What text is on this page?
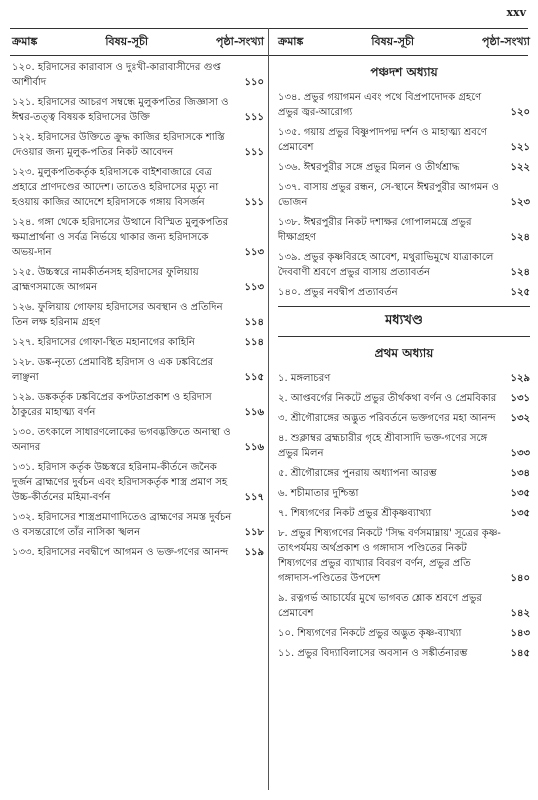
xxv
ক্রমাঙ্ক	বিষয়-সূচী	পৃষ্ঠা-সংখ্যা ক্রমাঙ্ক	বিষয়-সূচী	পৃষ্ঠা-সংখ্যা
১২০. হরিদাসের কারাবাস ও দুঃখী-কারাবাসীদের গুপ্ত আশীর্বাদ	১১০
১২১. হরিদাসের আচরণ সম্বন্ধে মুলুকপতির জিজ্ঞাসা ও ঈশ্বর-তত্ত্ব বিষয়ক হরিদাসের উক্তি	১১১
১২২. হরিদাসের উক্তিতে ক্রুদ্ধ কাজির হরিদাসকে শাস্তি দেওয়ার জন্য মুলুক-পতির নিকট আবেদন	১১১
১২৩. মুলুকপতিকর্তৃক হরিদাসকে বাইশবাজারে বেত্র প্রহারে প্রাণদণ্ডের আদেশ। তাতেও হরিদাসের মৃত্যু না হওয়ায় কাজির আদেশে হরিদাসকে গঙ্গায় বিসর্জন	১১১
১২৪. গঙ্গা থেকে হরিদাসের উত্থানে বিস্মিত মুলুকপতির ক্ষমাপ্রার্থনা ও সর্বত্র নির্ভয়ে থাকার জন্য হরিদাসকে অভয়-দান	১১৩
১২৫. উচ্চস্বরে নামকীর্তনসহ হরিদাসের ফুলিয়ায় ব্রাহ্মণসমাজে আগমন	১১৩
১২৬. ফুলিয়ায় গোফায় হরিদাসের অবস্থান ও প্রতিদিন তিন লক্ষ হরিনাম গ্রহণ	১১৪
১২৭. হরিদাসের গোফা-স্থিত মহানাগের কাহিনি	১১৪
১২৮. ডঙ্ক-নৃত্যে প্রেমাবিষ্ট হরিদাস ও এক ঢঙ্কবিপ্রের লাঞ্ছনা	১১৫
১২৯. ডঙ্ককর্তৃক ঢঙ্কবিপ্রের কপটতাপ্রকাশ ও হরিদাস ঠাকুরের মাহাত্ম্য বর্ণন	১১৬
১৩০. তৎকালে সাধারণলোকের ভগবদ্ভক্তিতে অনাস্থা ও অনাদর	১১৬
১৩১. হরিদাস কর্তৃক উচ্চস্বরে হরিনাম-কীর্তনে জনৈক দুর্জন ব্রাহ্মণের দুর্বচন এবং হরিদাসকর্তৃক শাস্ত্র প্রমাণ সহ উচ্চ-কীর্তনের মহিমা-বর্ণন	১১৭
১৩২. হরিদাসের শাস্ত্রপ্রমাণাদিতেও ব্রাহ্মণের সমস্ত দুর্বচন ও বসন্তরোগে তাঁর নাসিকা স্খলন	১১৮
১৩৩. হরিদাসের নবদ্বীপে আগমন ও ভক্ত-গণের আনন্দ	১১৯
পঞ্চদশ অধ্যায়
১৩৪. প্রভুর গয়াগমন এবং পথে বিপ্রপাদোদক গ্রহণে প্রভুর জ্বর-আরোগ্য	১২০
১৩৫. গয়ায় প্রভুর বিষ্ণুপাদপদ্ম দর্শন ও মাহাত্ম্য শ্রবণে প্রেমাবেশ	১২১
১৩৬. ঈশ্বরপুরীর সঙ্গে প্রভুর মিলন ও তীর্থশ্রাদ্ধ	১২২
১৩৭. বাসায় প্রভুর রন্ধন, সে-স্থানে ঈশ্বরপুরীর আগমন ও ভোজন	১২৩
১৩৮. ঈশ্বরপুরীর নিকট দশাক্ষর গোপালমন্ত্রে প্রভুর দীক্ষাগ্রহণ	১২৪
১৩৯. প্রভুর কৃষ্ণবিরহে আবেশ, মথুরাভিমুখে যাত্রাকালে দৈববাণী শ্রবণে প্রভুর বাসায় প্রত্যাবর্তন	১২৪
১৪০. প্রভুর নবদ্বীপ প্রত্যাবর্তন	১২৫
মধ্যখণ্ড
প্রথম অধ্যায়
১. মঙ্গলাচরণ	১২৯
২. আপ্তবর্গের নিকটে প্রভুর তীর্থকথা বর্ণন ও প্রেমবিকার	১৩১
৩. শ্রীগৌরাঙ্গের অদ্ভুত পরিবর্তনে ভক্তগণের মহা আনন্দ	১৩২
৪. শুক্লাম্বর ব্রহ্মচারীর গৃহে শ্রীবাসাদি ভক্ত-গণের সঙ্গে প্রভুর মিলন	১৩৩
৫. শ্রীগৌরাঙ্গের পুনরায় অধ্যাপনা আরম্ভ	১৩৪
৬. শচীমাতার দুশ্চিন্তা	১৩৫
৭. শিষ্যগণের নিকট প্রভুর শ্রীকৃষ্ণব্যাখ্যা	১৩৫
৮. প্রভুর শিষ্যগণের নিকটে 'সিদ্ধ বর্ণসমাম্নায়' সূত্রের কৃষ্ণ-তাৎপর্যময় অর্থপ্রকাশ ও গঙ্গাদাস পণ্ডিতের নিকট শিষ্যগণের প্রভুর ব্যাখ্যার বিবরণ বর্ণন, প্রভুর প্রতি গঙ্গাদাস-পণ্ডিতের উপদেশ	১৪০
৯. রত্নগর্ভ আচার্যের মুখে ভাগবত শ্লোক শ্রবণে প্রভুর প্রেমাবেশ	১৪২
১০. শিষ্যগণের নিকটে প্রভুর অদ্ভুত কৃষ্ণ-ব্যাখ্যা	১৪৩
১১. প্রভুর বিদ্যাবিলাসের অবসান ও সঙ্কীর্তনারম্ভ	১৪৫
